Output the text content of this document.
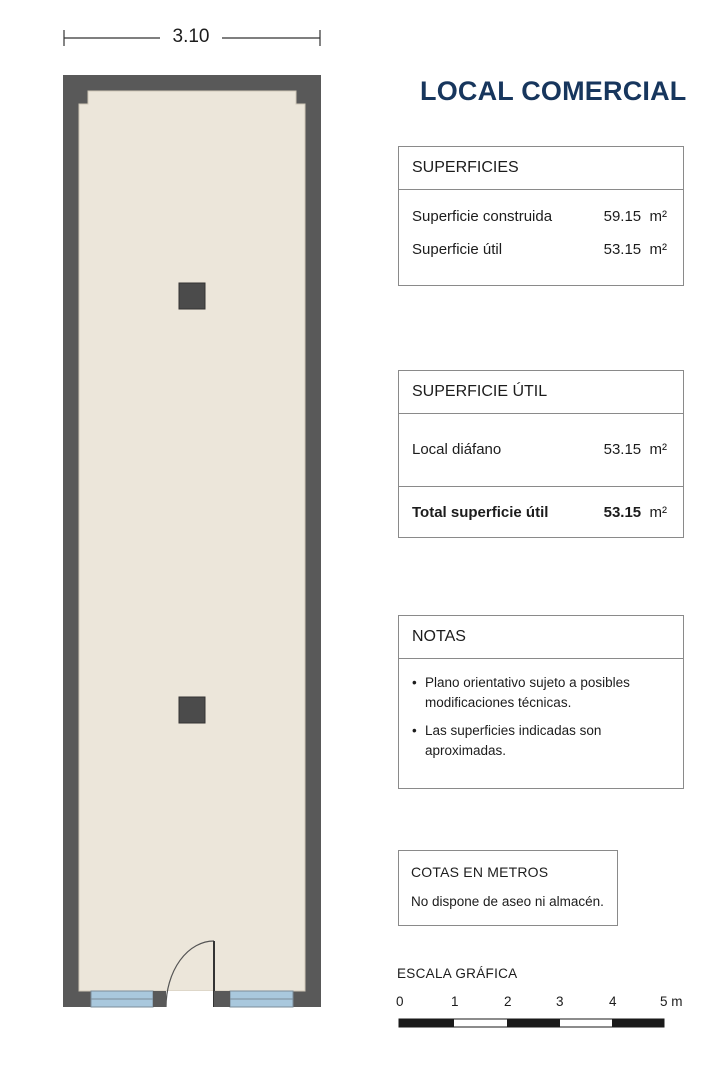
3.10
LOCAL COMERCIAL
SUPERFICIES
Superficie construida	59.15 m²
Superficie útil	53.15 m²
SUPERFICIE ÚTIL
Local diáfano	53.15 m²
Total superficie útil	53.15 m²
NOTAS
• Plano orientativo sujeto a posibles modificaciones técnicas.
• Las superficies indicadas son aproximadas.
COTAS EN METROS
No dispone de aseo ni almacén.
ESCALA GRÁFICA
0	1	2	3	4	5 m
